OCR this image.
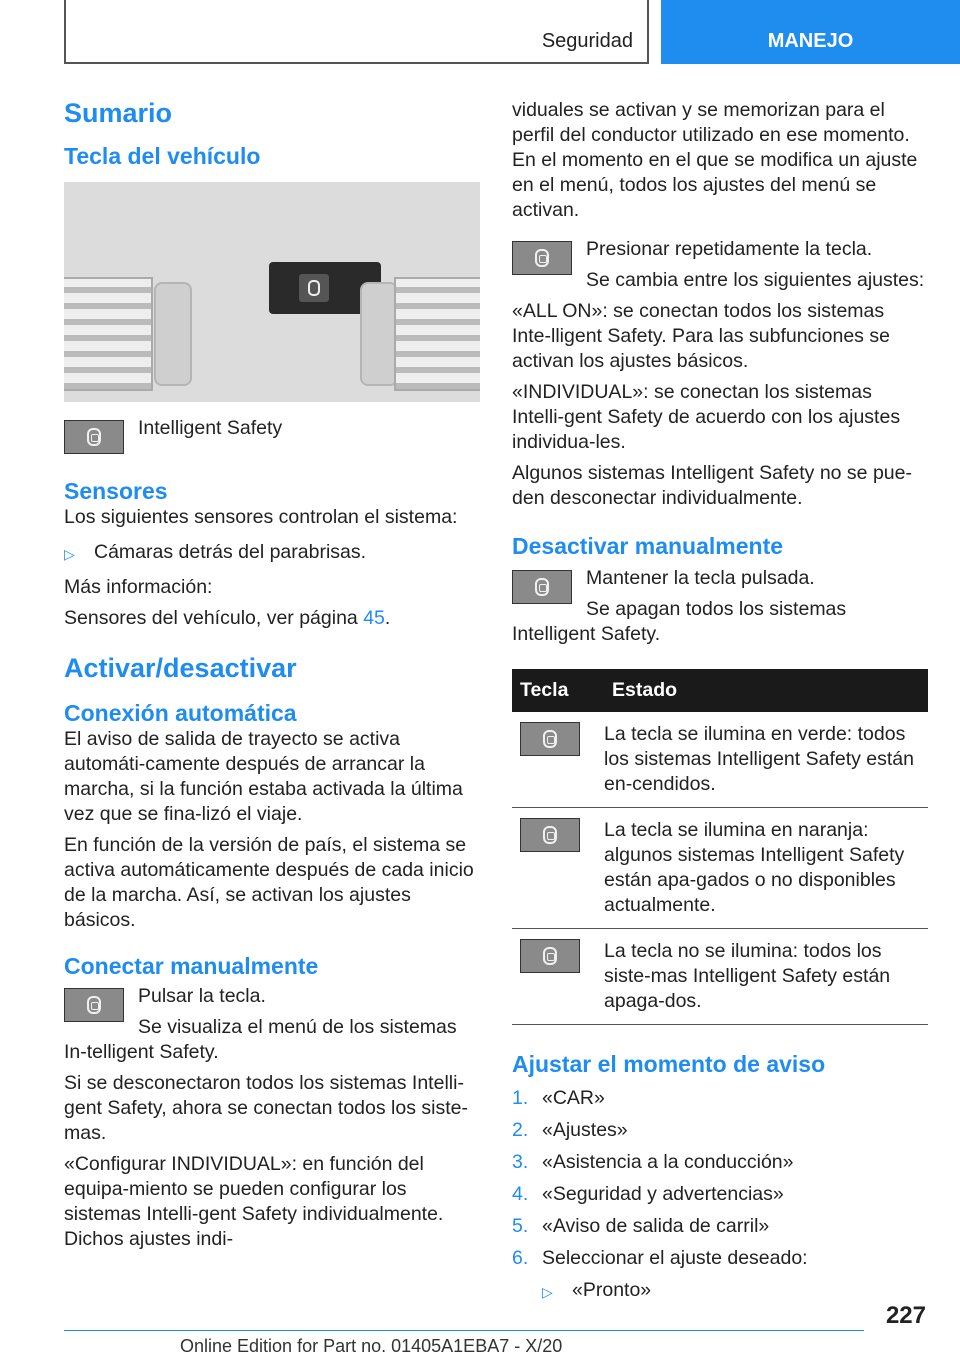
Seguridad	MANEJO
Sumario
Tecla del vehículo

Intelligent Safety

Sensores

Los siguientes sensores controlan el sistema:

▷ Cámaras detrás del parabrisas.

Más información:

Sensores del vehículo, ver página 45.

Activar/desactivar
Conexión automática

El aviso de salida de trayecto se activa automáti‐camente después de arrancar la marcha, si la función estaba activada la última vez que se fina‐lizó el viaje.

En función de la versión de país, el sistema se activa automáticamente después de cada inicio de la marcha. Así, se activan los ajustes básicos.

Conectar manualmente

Pulsar la tecla.

Se visualiza el menú de los sistemas In‐telligent Safety.

Si se desconectaron todos los sistemas Intelli‐gent Safety, ahora se conectan todos los siste‐mas.

«Configurar INDIVIDUAL»: en función del equipa‐miento se pueden configurar los sistemas Intelli‐gent Safety individualmente. Dichos ajustes indi‐

viduales se activan y se memorizan para el perfil del conductor utilizado en ese momento. En el momento en el que se modifica un ajuste en el menú, todos los ajustes del menú se activan.

Presionar repetidamente la tecla.

Se cambia entre los siguientes ajustes:

«ALL ON»: se conectan todos los sistemas Inte‐lligent Safety. Para las subfunciones se activan los ajustes básicos.

«INDIVIDUAL»: se conectan los sistemas Intelli‐gent Safety de acuerdo con los ajustes individua‐les.

Algunos sistemas Intelligent Safety no se pue‐den desconectar individualmente.

Desactivar manualmente

Mantener la tecla pulsada.

Se apagan todos los sistemas Intelligent Safety.

Tecla	Estado

	La tecla se ilumina en verde: todos los sistemas Intelligent Safety están en‐cendidos.

	La tecla se ilumina en naranja: algunos sistemas Intelligent Safety están apa‐gados o no disponibles actualmente.

	La tecla no se ilumina: todos los siste‐mas Intelligent Safety están apaga‐dos.
Ajustar el momento de aviso
1. «CAR»
2. «Ajustes»
3. «Asistencia a la conducción»
4. «Seguridad y advertencias»
5. «Aviso de salida de carril»
6. Seleccionar el ajuste deseado:
▷ «Pronto»
227
Online Edition for Part no. 01405A1EBA7 - X/20
